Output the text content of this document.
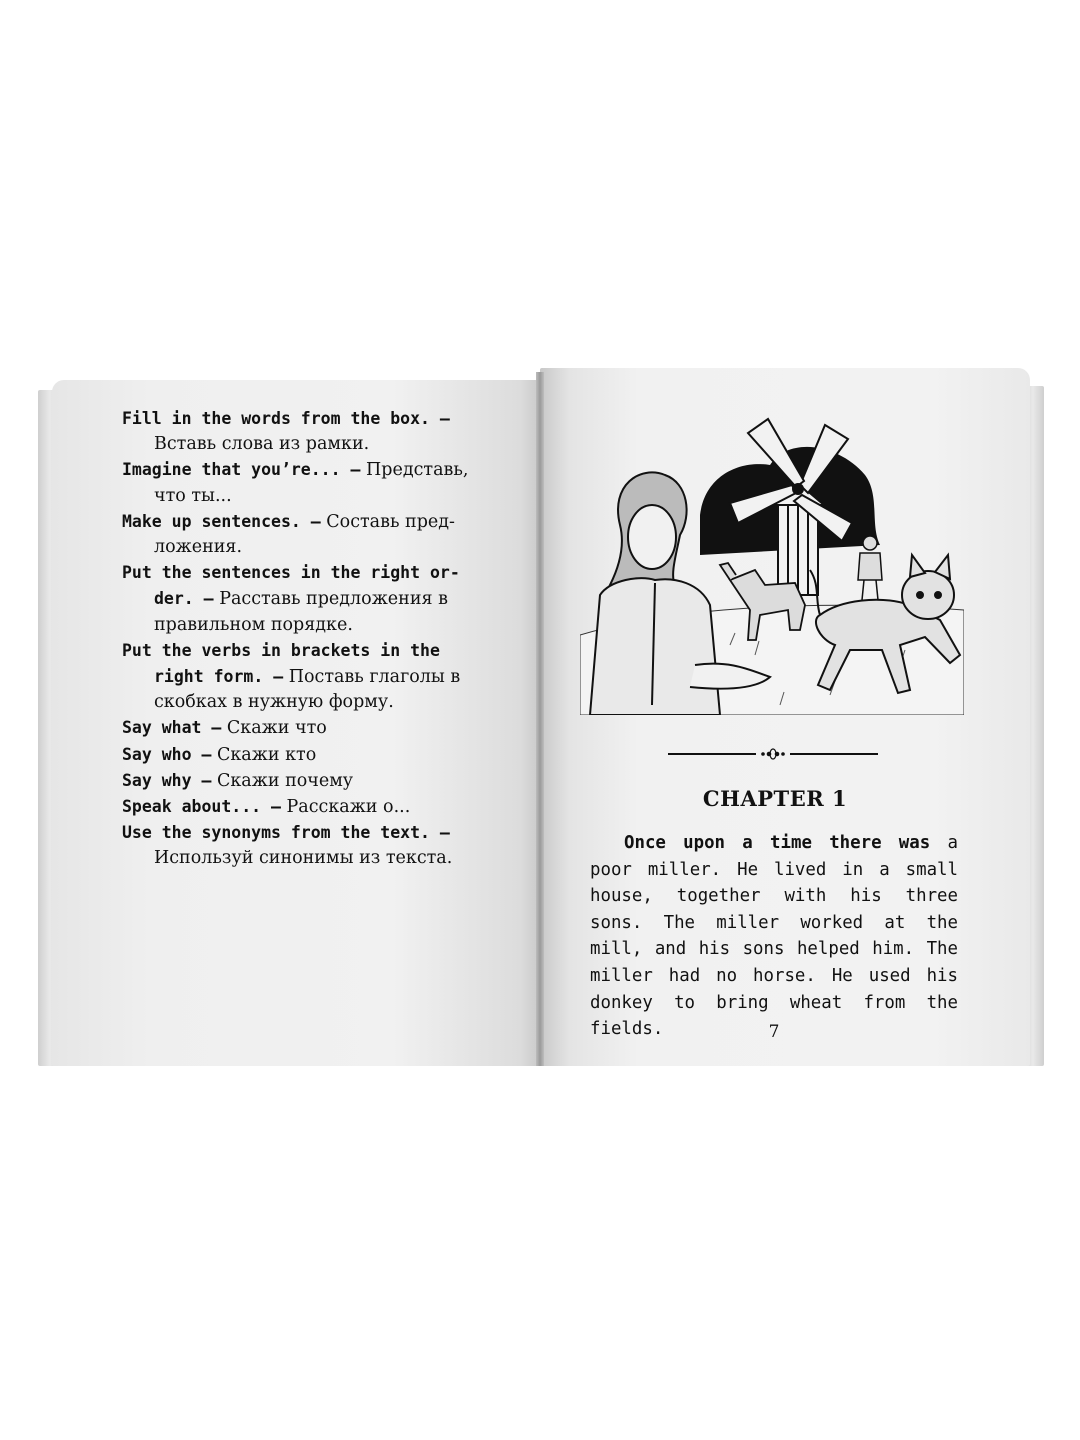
Fill in the words from the box. —
Вставь слова из рамки.
Imagine that you’re... — Представь,
что ты...
Make up sentences. — Составь пред-
ложения.
Put the sentences in the right or-
der. — Расставь предложения в
правильном порядке.
Put the verbs in brackets in the
right form. — Поставь глаголы в
скобках в нужную форму.
Say what — Скажи что
Say who — Скажи кто
Say why — Скажи почему
Speak about... — Расскажи о...
Use the synonyms from the text. —
Используй синонимы из текста.
CHAPTER 1

Once upon a time there was a poor miller. He lived in a small house, together with his three sons. The miller worked at the mill, and his sons helped him. The miller had no horse. He used his donkey to bring wheat from the fields.	7
